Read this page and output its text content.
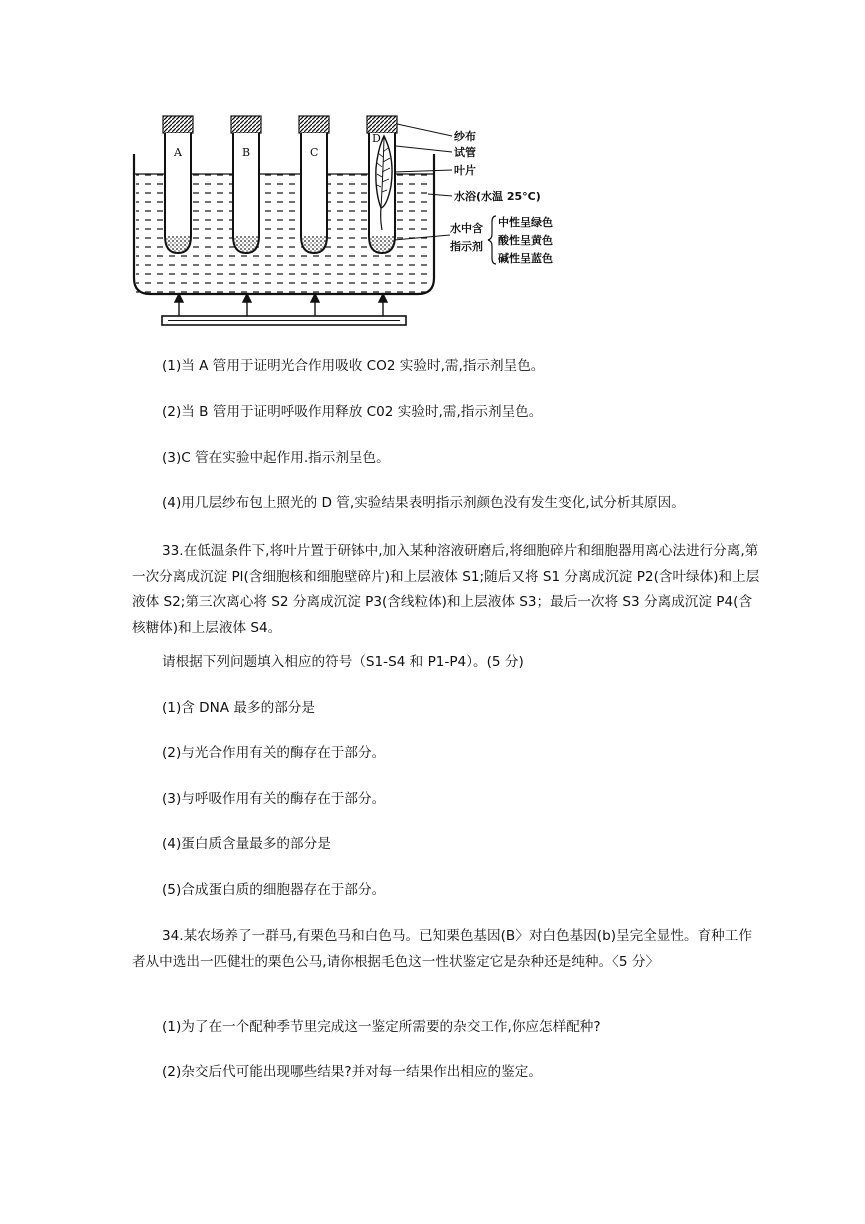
A	B	C
D	纱布
试管
叶片
水浴(水温 25°C)
水中含
指示剂
中性呈绿色
酸性呈黄色
碱性呈蓝色
(1)当 A 管用于证明光合作用吸收 CO2 实验时,需,指示剂呈色。
(2)当 B 管用于证明呼吸作用释放 C02 实验时,需,指示剂呈色。
(3)C 管在实验中起作用.指示剂呈色。
(4)用几层纱布包上照光的 D 管,实验结果表明指示剂颜色没有发生变化,试分析其原因。
33.在低温条件下,将叶片置于研钵中,加入某种溶液研磨后,将细胞碎片和细胞器用离心法进行分离,第一次分离成沉淀 Pl(含细胞核和细胞壁碎片)和上层液体 S1;随后又将 S1 分离成沉淀 P2(含叶绿体)和上层液体 S2;第三次离心将 S2 分离成沉淀 P3(含线粒体)和上层液体 S3；最后一次将 S3 分离成沉淀 P4(含核糖体)和上层液体 S4。
请根据下列问题填入相应的符号（S1-S4 和 P1-P4）。(5 分)
(1)含 DNA 最多的部分是
(2)与光合作用有关的酶存在于部分。
(3)与呼吸作用有关的酶存在于部分。
(4)蛋白质含量最多的部分是
(5)合成蛋白质的细胞器存在于部分。
34.某农场养了一群马,有栗色马和白色马。已知栗色基因(B〉对白色基因(b)呈完全显性。育种工作者从中选出一匹健壮的栗色公马,请你根据毛色这一性状鉴定它是杂种还是纯种。〈5 分〉
(1)为了在一个配种季节里完成这一鉴定所需要的杂交工作,你应怎样配种?
(2)杂交后代可能出现哪些结果?并对每一结果作出相应的鉴定。
